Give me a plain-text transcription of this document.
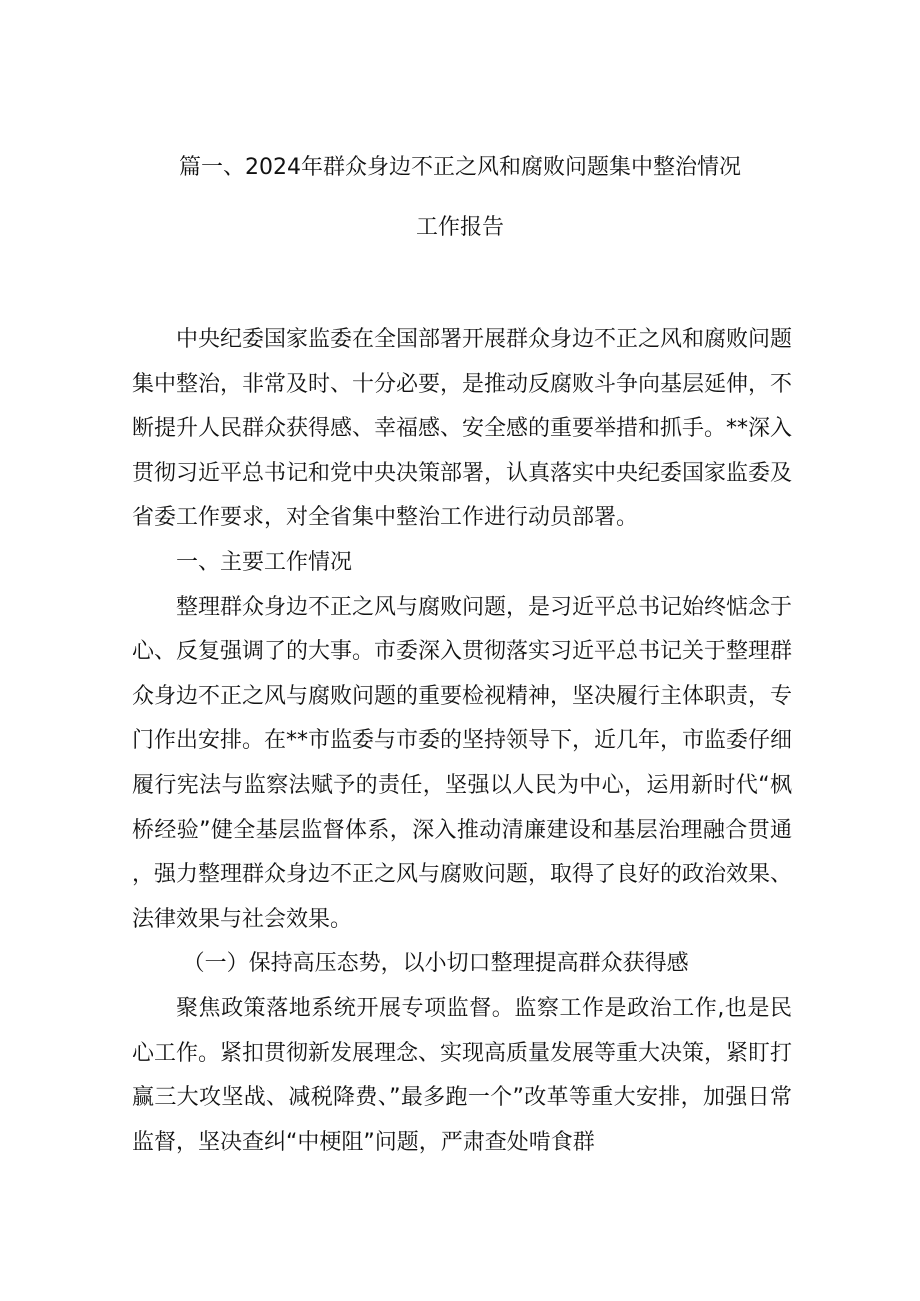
篇一、2024年群众身边不正之风和腐败问题集中整治情况
工作报告

中央纪委国家监委在全国部署开展群众身边不正之风和腐败问题集中整治，非常及时、十分必要，是推动反腐败斗争向基层延伸，不断提升人民群众获得感、幸福感、安全感的重要举措和抓手。**深入贯彻习近平总书记和党中央决策部署，认真落实中央纪委国家监委及省委工作要求，对全省集中整治工作进行动员部署。

一、主要工作情况

整理群众身边不正之风与腐败问题，是习近平总书记始终惦念于心、反复强调了的大事。市委深入贯彻落实习近平总书记关于整理群众身边不正之风与腐败问题的重要检视精神，坚决履行主体职责，专门作出安排。在**市监委与市委的坚持领导下，近几年，市监委仔细履行宪法与监察法赋予的责任，坚强以人民为中心，运用新时代“枫桥经验”健全基层监督体系，深入推动清廉建设和基层治理融合贯通，强力整理群众身边不正之风与腐败问题，取得了良好的政治效果、法律效果与社会效果。

（一）保持高压态势，以小切口整理提高群众获得感

聚焦政策落地系统开展专项监督。监察工作是政治工作,也是民心工作。紧扣贯彻新发展理念、实现高质量发展等重大决策，紧盯打赢三大攻坚战、减税降费、”最多跑一个”改革等重大安排，加强日常监督，坚决查纠“中梗阻”问题，严肃查处啃食群
